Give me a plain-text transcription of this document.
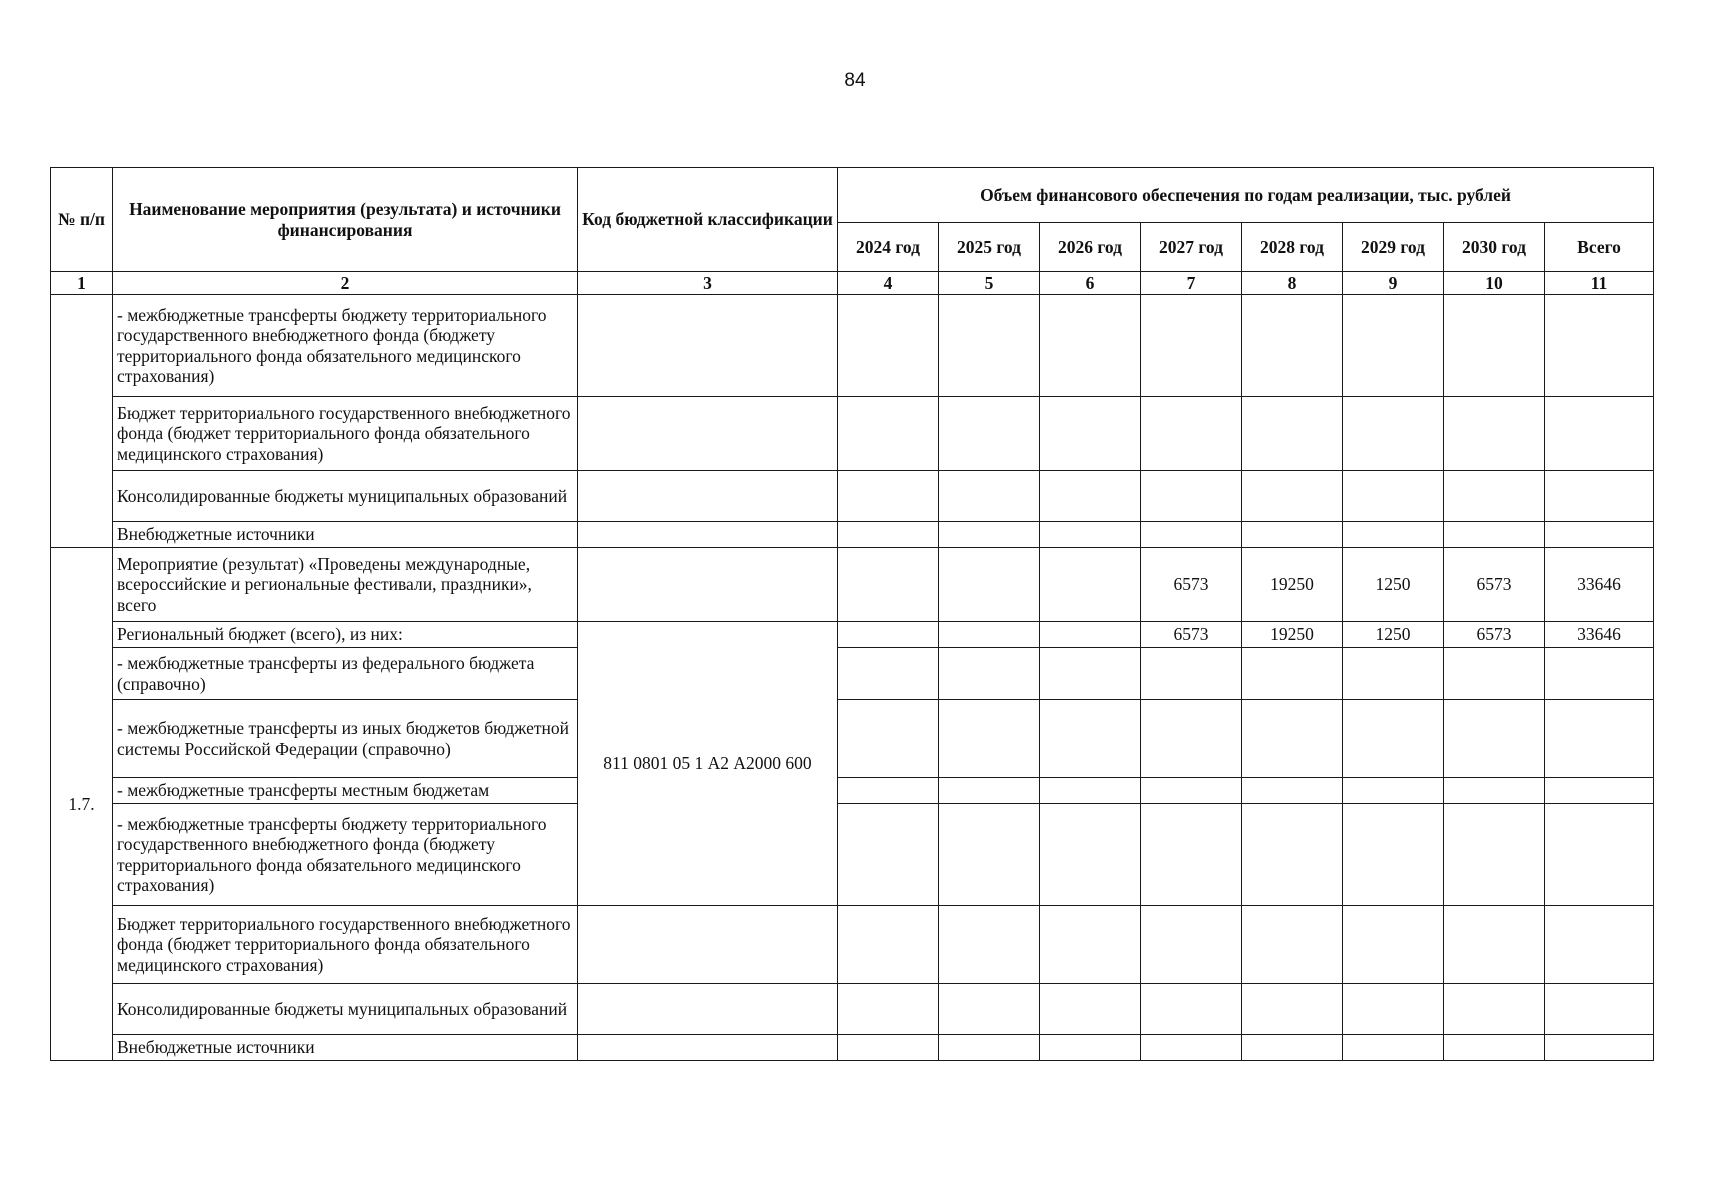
84
№ п/п	Наименование мероприятия (результата) и источники финансирования	Код бюджетной классификации	Объем финансового обеспечения по годам реализации, тыс. рублей							
			2024 год	2025 год	2026 год	2027 год	2028 год	2029 год	2030 год	Всего
1	2	3	4	5	6	7	8	9	10	11
	- межбюджетные трансферты бюджету территориального государственного внебюджетного фонда (бюджету территориального фонда обязательного медицинского страхования)									
	Бюджет территориального государственного внебюджетного фонда (бюджет территориального фонда обязательного медицинского страхования)									
	Консолидированные бюджеты муниципальных образований									
	Внебюджетные источники									
1.7.	Мероприятие (результат) «Проведены международные, всероссийские и региональные фестивали, праздники», всего					6573	19250	1250	6573	33646
	Региональный бюджет (всего), из них:	811 0801 05 1 А2 А2000 600				6573	19250	1250	6573	33646
	- межбюджетные трансферты из федерального бюджета (справочно)									
	- межбюджетные трансферты из иных бюджетов бюджетной системы Российской Федерации (справочно)									
	- межбюджетные трансферты местным бюджетам									
	- межбюджетные трансферты бюджету территориального государственного внебюджетного фонда (бюджету территориального фонда обязательного медицинского страхования)									
	Бюджет территориального государственного внебюджетного фонда (бюджет территориального фонда обязательного медицинского страхования)									
	Консолидированные бюджеты муниципальных образований									
	Внебюджетные источники									
